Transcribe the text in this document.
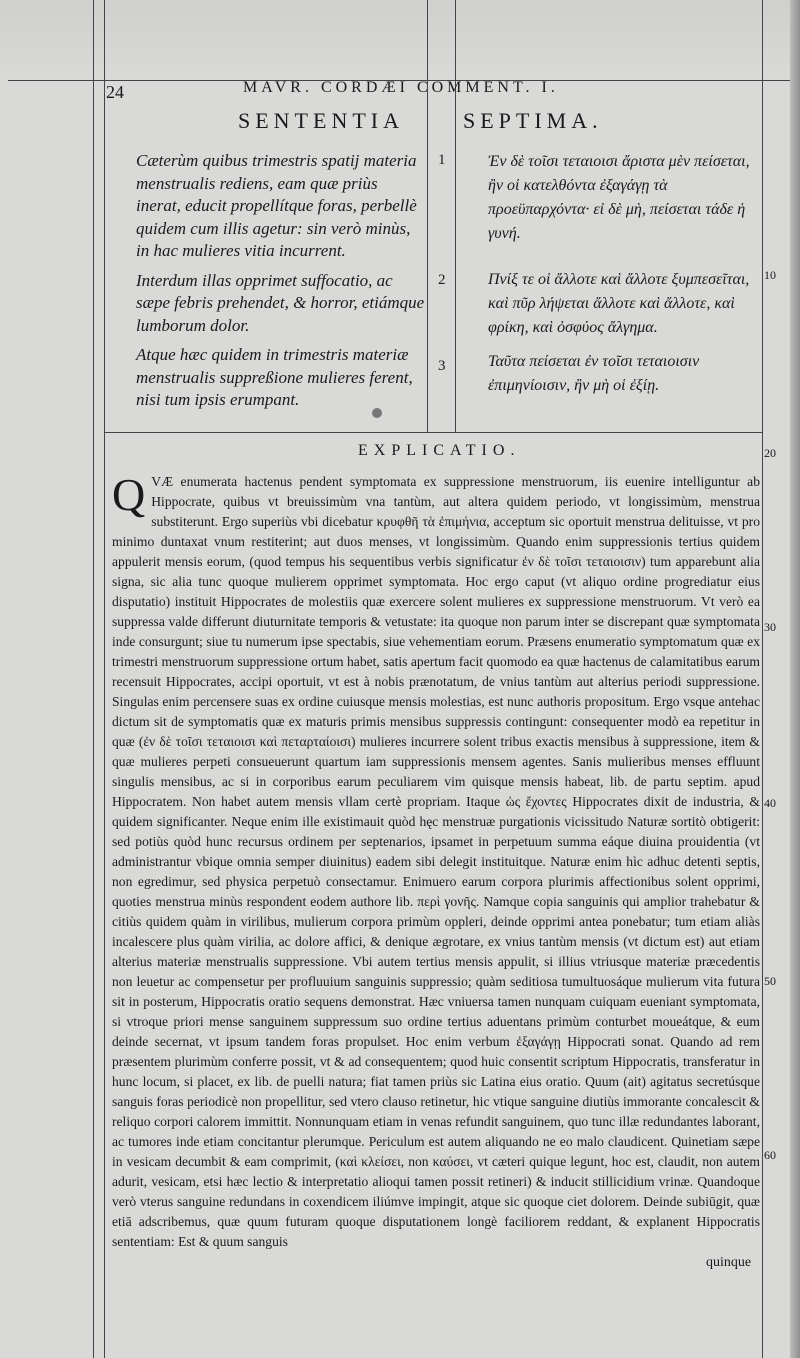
24	MAVR. CORDÆI COMMENT. I.
SENTENTIA	SEPTIMA.

Cæterùm quibus trimestris spatij materia menstrualis rediens, eam quæ priùs inerat, educit propellítque foras, perbellè quidem cum illis agetur: sin verò minùs, in hac mulieres vitia incurrent.

Interdum illas opprimet suffocatio, ac sæpe febris prehendet, & horror, etiámque lumborum dolor.

Atque hæc quidem in trimestris materiæ menstrualis suppreßione mulieres ferent, nisi tum ipsis erumpant.

1
2
3
Ἐν δὲ τοῖσι τεταιοισι ἄριστα μὲν πείσεται, ἢν οἱ κατελθόντα ἐξαγάγῃ τὰ προεϋπαρχόντα· εἰ δὲ μὴ, πείσεται τάδε ἡ γυνή.
Πνίξ τε οἱ ἄλλοτε καὶ ἄλλοτε ξυμπεσεῖται, καὶ πῦρ λήψεται ἄλλοτε καὶ ἄλλοτε, καὶ φρίκη, καὶ ὀσφύος ἄλγημα.
Ταῦτα πείσεται ἐν τοῖσι τεταιοισιν ἐπιμηνίοισιν, ἢν μὴ οἱ ἐξίῃ.
10
20
30
40
50
60
EXPLICATIO.
Q VÆ enumerata hactenus pendent symptomata ex suppressione menstruorum, iis euenire intelliguntur ab Hippocrate, quibus vt breuissimùm vna tantùm, aut altera quidem periodo, vt longissimùm, menstrua substiterunt. Ergo superiùs vbi dicebatur κρυφθῆ τὰ ἐπιμήνια, acceptum sic oportuit menstrua delituisse, vt pro minimo duntaxat vnum restiterint; aut duos menses, vt longissimùm. Quando enim suppressionis tertius quidem appulerit mensis eorum, (quod tempus his sequentibus verbis significatur ἐν δὲ τοῖσι τεταιοισιν) tum apparebunt alia signa, sic alia tunc quoque mulierem opprimet symptomata. Hoc ergo caput (vt aliquo ordine progrediatur eius disputatio) instituit Hippocrates de molestiis quæ exercere solent mulieres ex suppressione menstruorum. Vt verò ea suppressa valde differunt diuturnitate temporis & vetustate: ita quoque non parum inter se discrepant quæ symptomata inde consurgunt; siue tu numerum ipse spectabis, siue vehementiam eorum. Præsens enumeratio symptomatum quæ ex trimestri menstruorum suppressione ortum habet, satis apertum facit quomodo ea quæ hactenus de calamitatibus earum recensuit Hippocrates, accipi oportuit, vt est à nobis prænotatum, de vnius tantùm aut alterius periodi suppressione. Singulas enim percensere suas ex ordine cuiusque mensis molestias, est nunc authoris propositum. Ergo vsque antehac dictum sit de symptomatis quæ ex maturis primis mensibus suppressis contingunt: consequenter modò ea repetitur in quæ (ἐν δὲ τοῖσι τεταιοισι καὶ πεταρταίοισι) mulieres incurrere solent tribus exactis mensibus à suppressione, item & quæ mulieres perpeti consueuerunt quartum iam suppressionis mensem agentes. Sanis mulieribus menses effluunt singulis mensibus, ac si in corporibus earum peculiarem vim quisque mensis habeat, lib. de partu septim. apud Hippocratem. Non habet autem mensis vllam certè propriam. Itaque ὡς ἔχοντες Hippocrates dixit de industria, & quidem significanter. Neque enim ille existimauit quòd hęc menstruæ purgationis vicissitudo Naturæ sortitò obtigerit: sed potiùs quòd hunc recursus ordinem per septenarios, ipsamet in perpetuum summa eáque diuina prouidentia (vt administrantur vbique omnia semper diuinitus) eadem sibi delegit instituitque. Naturæ enim hìc adhuc detenti septis, non egredimur, sed physica perpetuò consectamur. Enimuero earum corpora plurimis affectionibus solent opprimi, quoties menstrua minùs respondent eodem authore lib. περὶ γονῆς. Namque copia sanguinis qui amplior trahebatur & citiùs quidem quàm in virilibus, mulierum corpora primùm oppleri, deinde opprimi antea ponebatur; tum etiam aliàs incalescere plus quàm virilia, ac dolore affici, & denique ægrotare, ex vnius tantùm mensis (vt dictum est) aut etiam alterius materiæ menstrualis suppressione. Vbi autem tertius mensis appulit, si illius vtriusque materiæ præcedentis non leuetur ac compensetur per profluuium sanguinis suppressio; quàm seditiosa tumultuosáque mulierum vita futura sit in posterum, Hippocratis oratio sequens demonstrat. Hæc vniuersa tamen nunquam cuiquam eueniant symptomata, si vtroque priori mense sanguinem suppressum suo ordine tertius aduentans primùm conturbet moueátque, & eum deinde secernat, vt ipsum tandem foras propulset. Hoc enim verbum ἐξαγάγῃ Hippocrati sonat. Quando ad rem præsentem plurimùm conferre possit, vt & ad consequentem; quod huic consentit scriptum Hippocratis, transferatur in hunc locum, si placet, ex lib. de puelli natura; fiat tamen priùs sic Latina eius oratio. Quum (ait) agitatus secretúsque sanguis foras periodicè non propellitur, sed vtero clauso retinetur, hic vtique sanguine diutiùs immorante concalescit & reliquo corpori calorem immittit. Nonnunquam etiam in venas refundit sanguinem, quo tunc illæ redundantes laborant, ac tumores inde etiam concitantur plerumque. Periculum est autem aliquando ne eo malo claudicent. Quinetiam sæpe in vesicam decumbit & eam comprimit, (καὶ κλείσει, non καύσει, vt cæteri quique legunt, hoc est, claudit, non autem adurit, vesicam, etsi hæc lectio & interpretatio alioqui tamen possit retineri) & inducit stillicidium vrinæ. Quandoque verò vterus sanguine redundans in coxendicem iliúmve impingit, atque sic quoque ciet dolorem. Deinde subiūgit, quæ etiā adscribemus, quæ quum futuram quoque disputationem longè faciliorem reddant, & explanent Hippocratis sententiam: Est & quum sanguis
quinque
